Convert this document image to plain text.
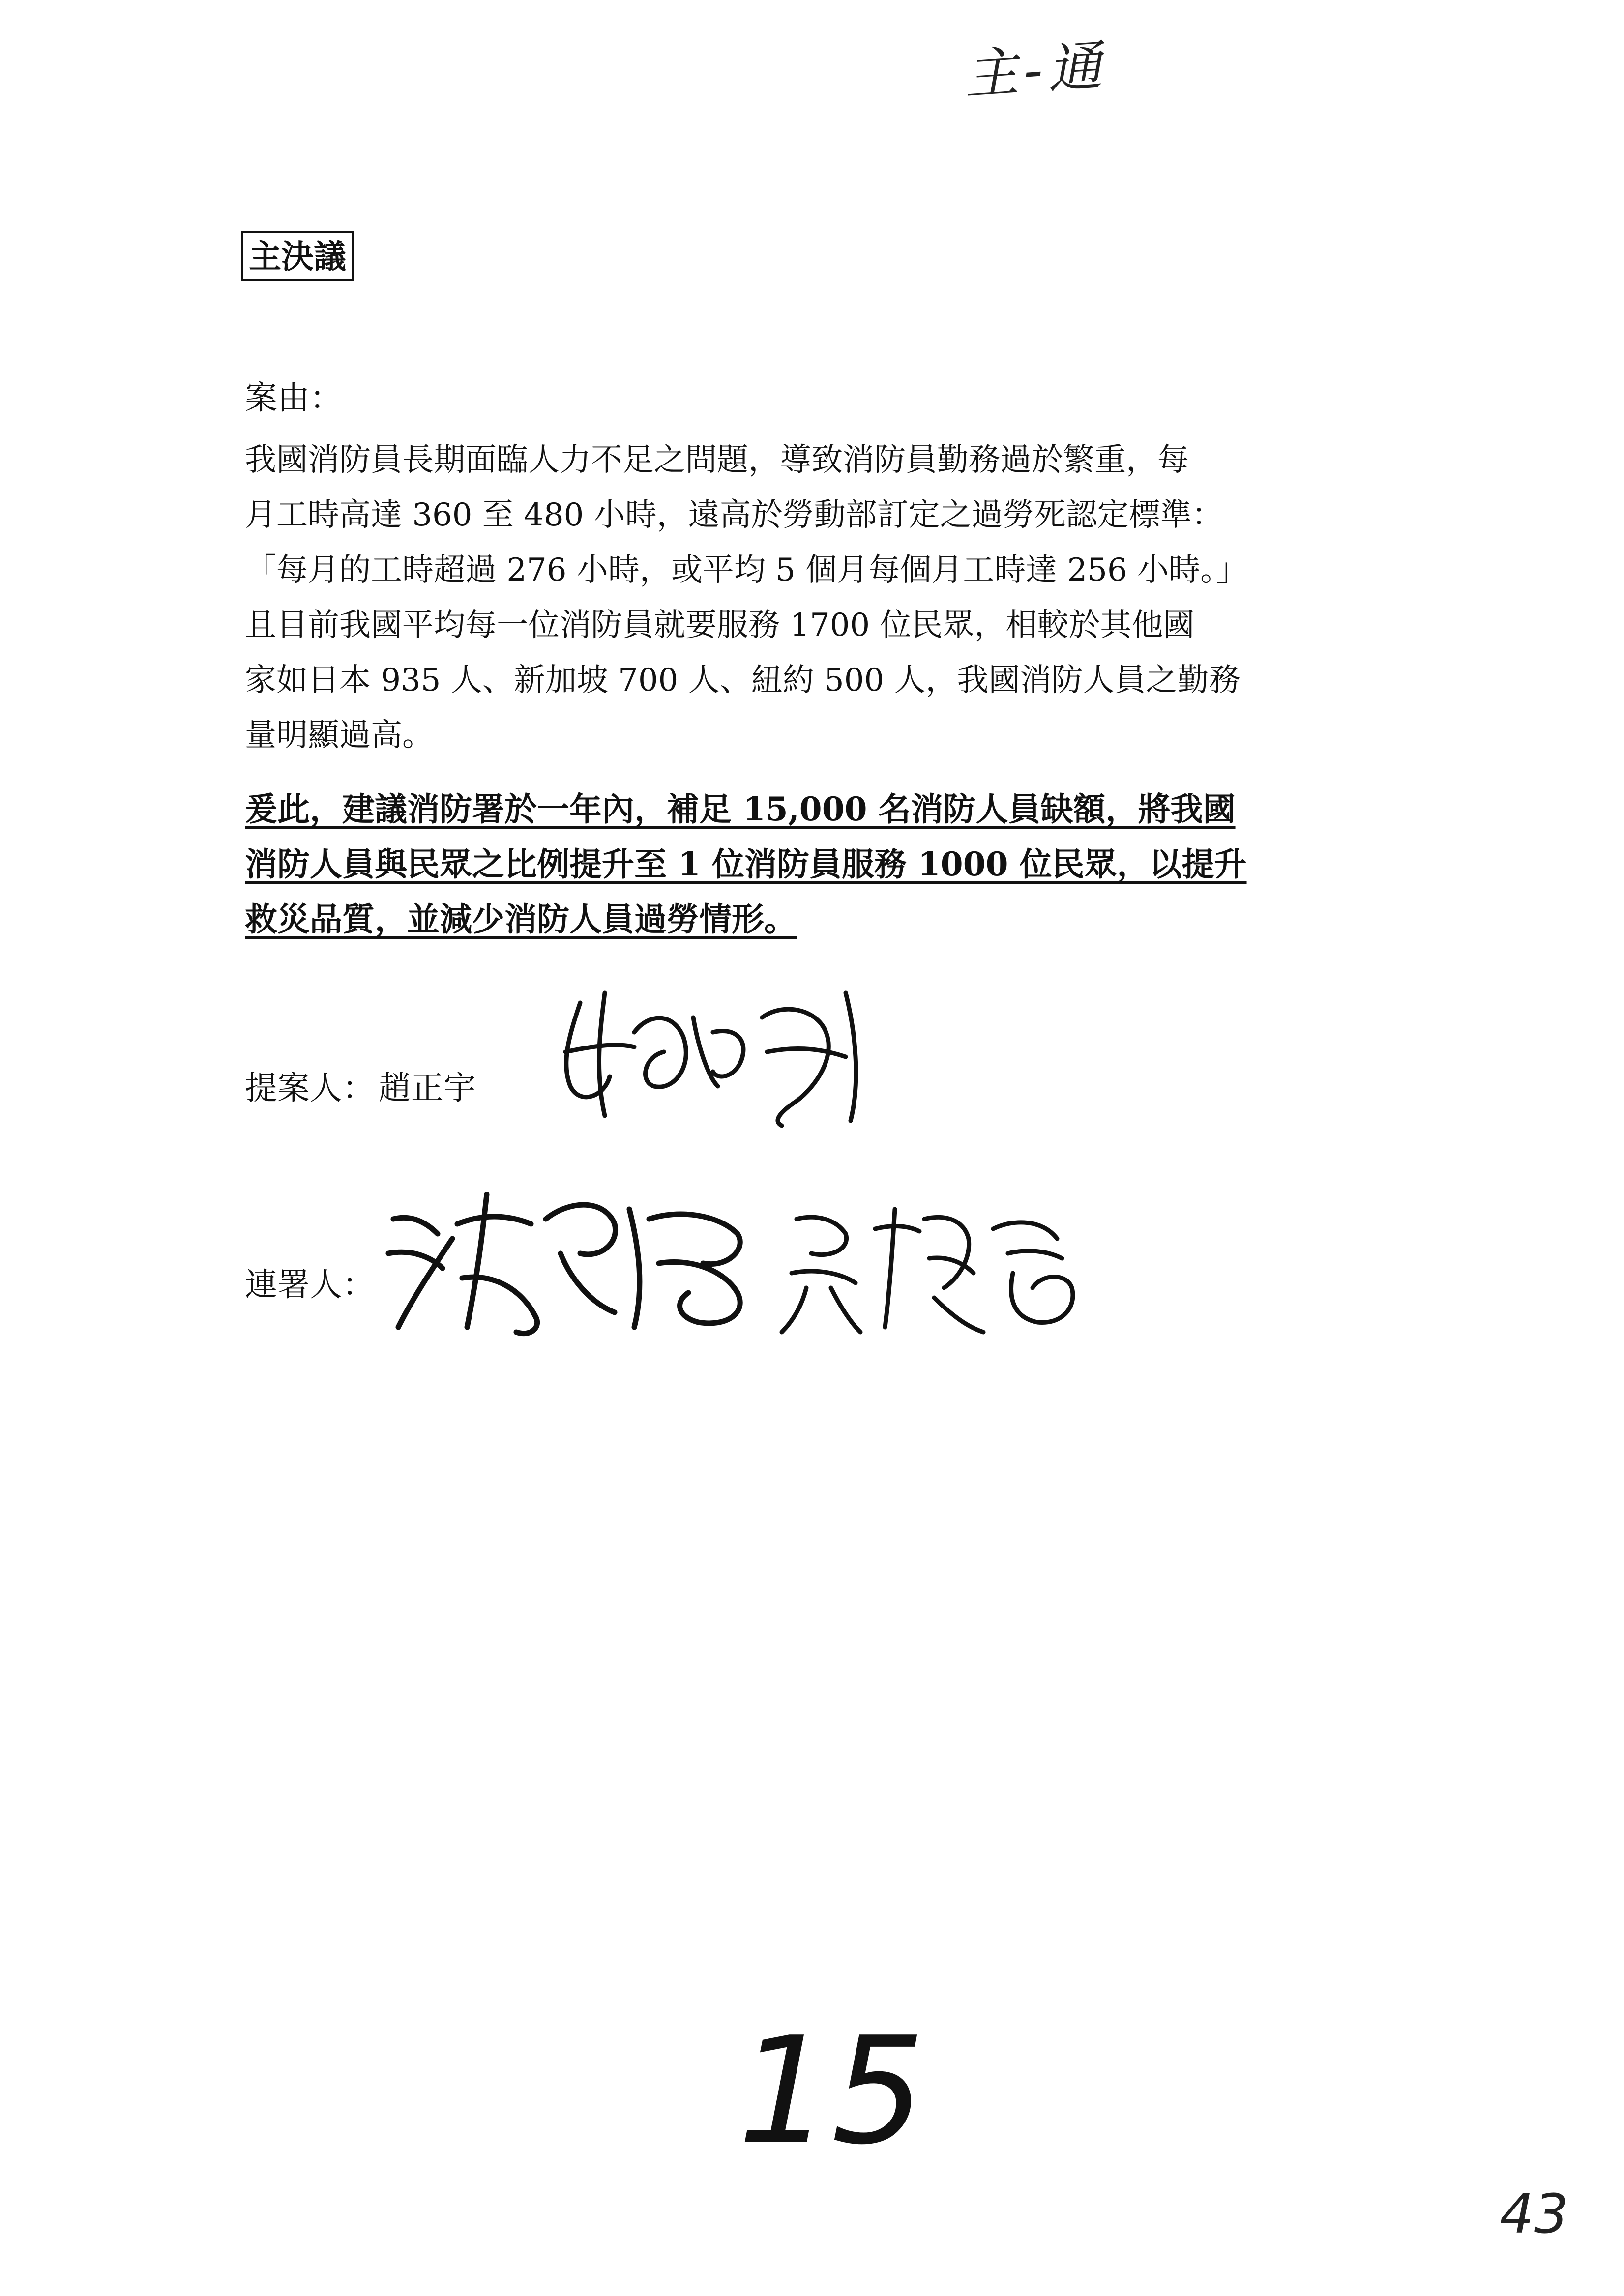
主-通
主決議
案由：
我國消防員長期面臨人力不足之問題，導致消防員勤務過於繁重，每
月工時高達 360 至 480 小時，遠高於勞動部訂定之過勞死認定標準：
「每月的工時超過 276 小時，或平均 5 個月每個月工時達 256 小時。」
且目前我國平均每一位消防員就要服務 1700 位民眾，相較於其他國
家如日本 935 人、新加坡 700 人、紐約 500 人，我國消防人員之勤務
量明顯過高。
爰此，建議消防署於一年內，補足 15,000 名消防人員缺額，將我國
消防人員與民眾之比例提升至 1 位消防員服務 1000 位民眾，以提升
救災品質，並減少消防人員過勞情形。
提案人： 趙正宇
連署人：
15
43
